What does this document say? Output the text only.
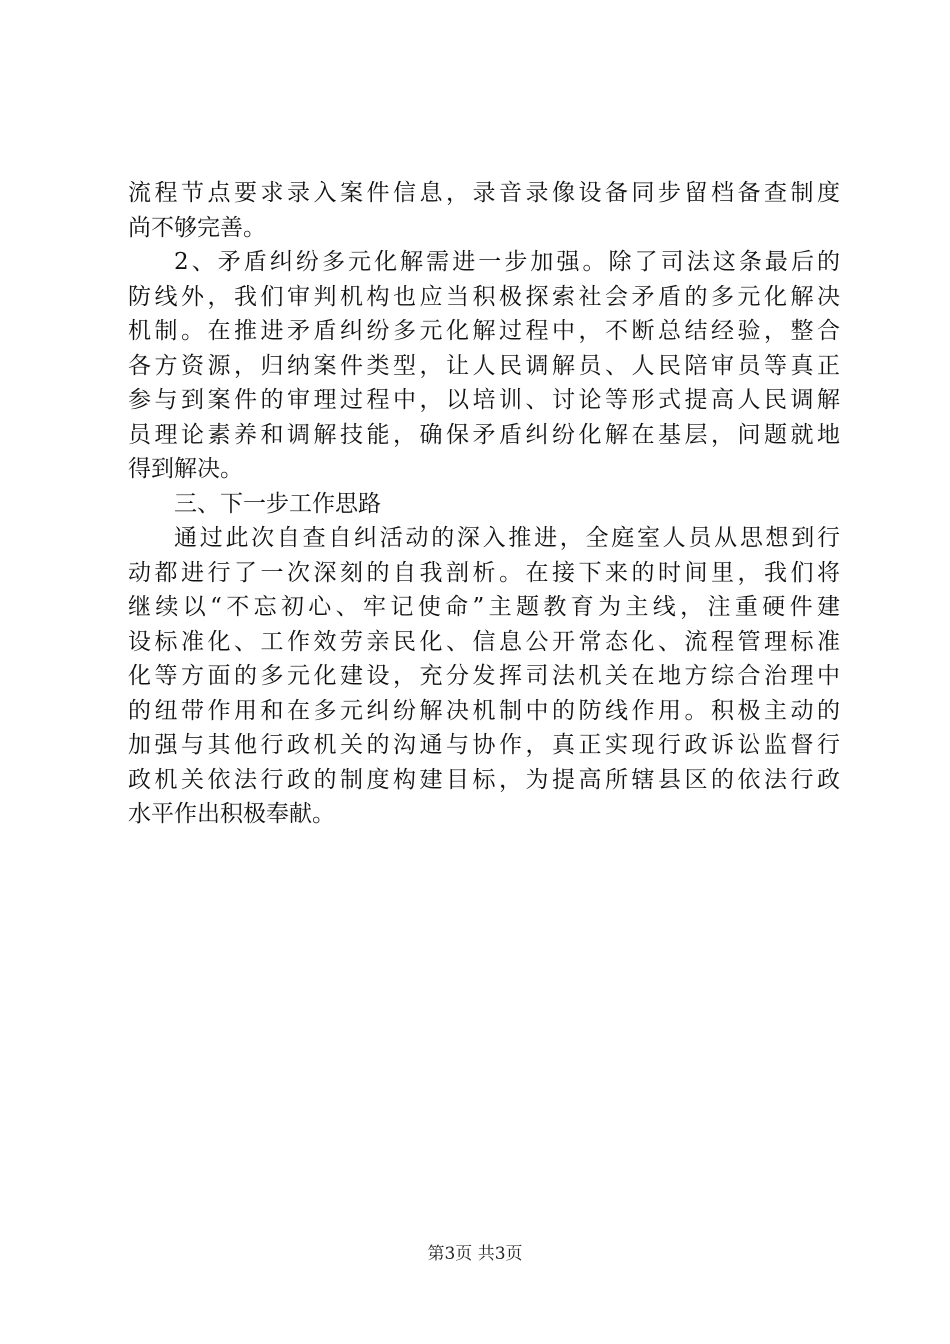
流程节点要求录入案件信息，录音录像设备同步留档备查制度
尚不够完善。
2、矛盾纠纷多元化解需进一步加强。除了司法这条最后的
防线外，我们审判机构也应当积极探索社会矛盾的多元化解决
机制。在推进矛盾纠纷多元化解过程中，不断总结经验，整合
各方资源，归纳案件类型，让人民调解员、人民陪审员等真正
参与到案件的审理过程中，以培训、讨论等形式提高人民调解
员理论素养和调解技能，确保矛盾纠纷化解在基层，问题就地
得到解决。
三、下一步工作思路
通过此次自查自纠活动的深入推进，全庭室人员从思想到行
动都进行了一次深刻的自我剖析。在接下来的时间里，我们将
继续以“不忘初心、牢记使命”主题教育为主线，注重硬件建
设标准化、工作效劳亲民化、信息公开常态化、流程管理标准
化等方面的多元化建设，充分发挥司法机关在地方综合治理中
的纽带作用和在多元纠纷解决机制中的防线作用。积极主动的
加强与其他行政机关的沟通与协作，真正实现行政诉讼监督行
政机关依法行政的制度构建目标，为提高所辖县区的依法行政
水平作出积极奉献。
第3页 共3页
